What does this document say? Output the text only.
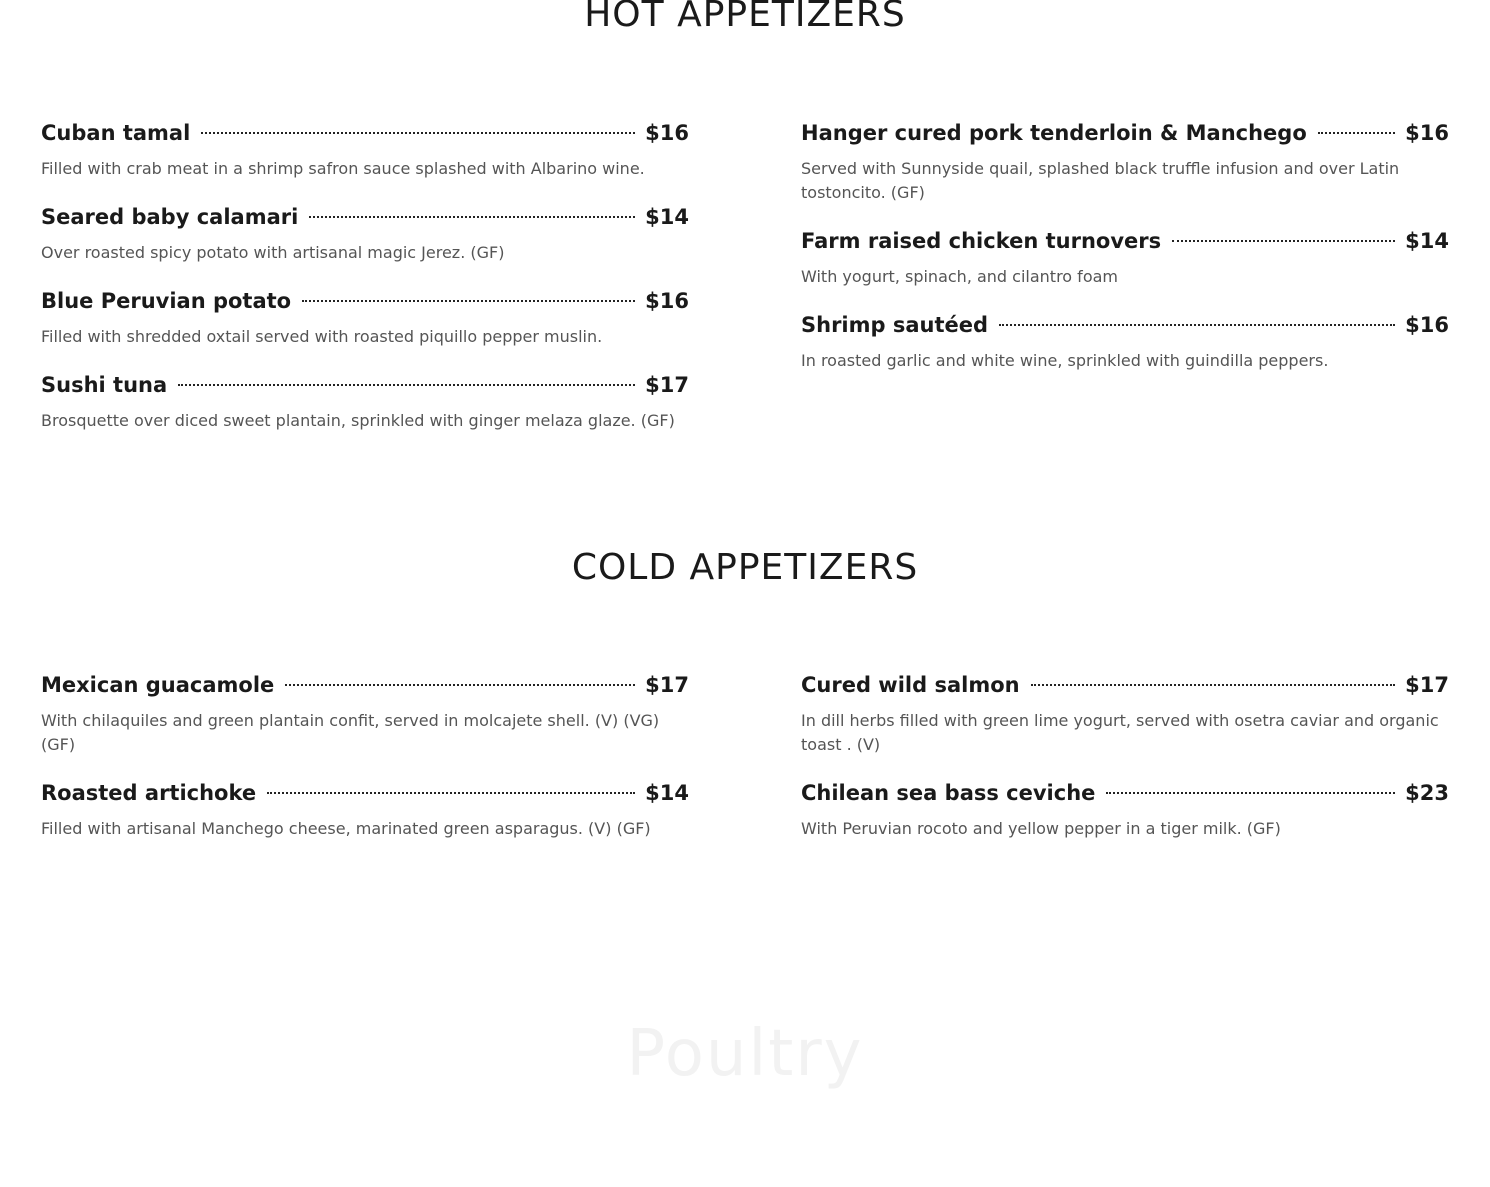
HOT APPETIZERS
Cuban tamal	$16
Filled with crab meat in a shrimp safron sauce splashed with Albarino wine.
Seared baby calamari	$14
Over roasted spicy potato with artisanal magic Jerez. (GF)
Blue Peruvian potato	$16
Filled with shredded oxtail served with roasted piquillo pepper muslin.
Sushi tuna	$17
Brosquette over diced sweet plantain, sprinkled with ginger melaza glaze. (GF)
Hanger cured pork tenderloin & Manchego	$16
Served with Sunnyside quail, splashed black truffle infusion and over Latin tostoncito. (GF)
Farm raised chicken turnovers	$14
With yogurt, spinach, and cilantro foam
Shrimp sautéed	$16
In roasted garlic and white wine, sprinkled with guindilla peppers.
COLD APPETIZERS
Mexican guacamole	$17
With chilaquiles and green plantain confit, served in molcajete shell. (V) (VG) (GF)
Roasted artichoke	$14
Filled with artisanal Manchego cheese, marinated green asparagus. (V) (GF)
Cured wild salmon	$17
In dill herbs filled with green lime yogurt, served with osetra caviar and organic toast . (V)
Chilean sea bass ceviche	$23
With Peruvian rocoto and yellow pepper in a tiger milk. (GF)
Poultry
